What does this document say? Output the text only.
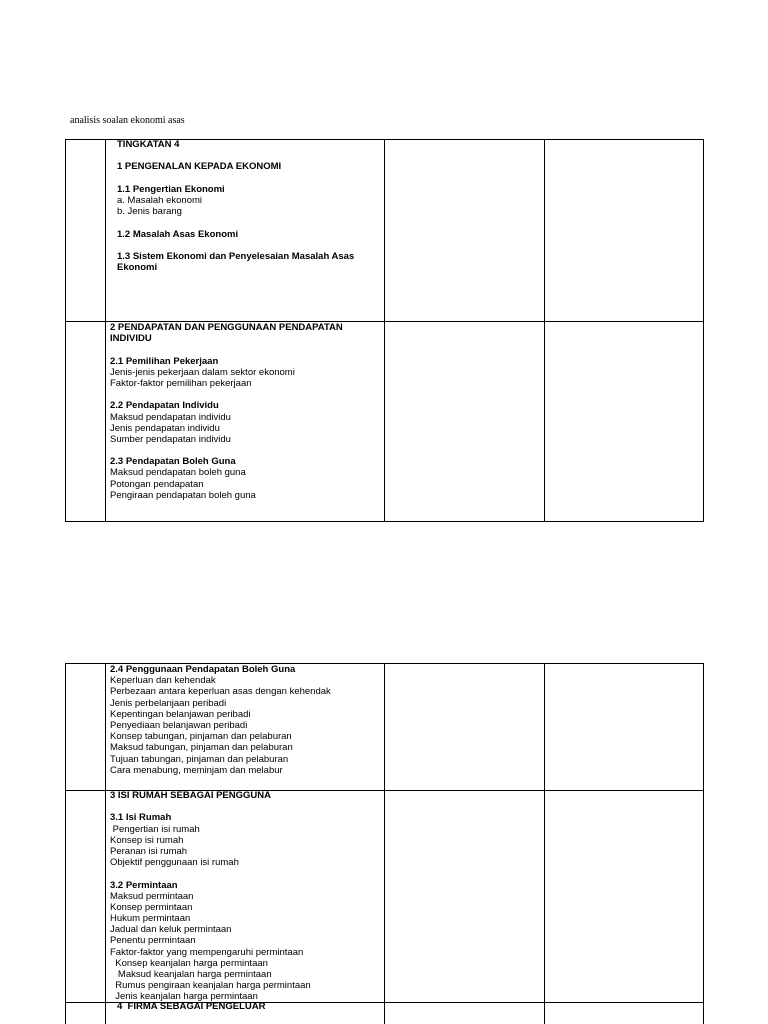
analisis soalan ekonomi asas
TINGKATAN 4
1 PENGENALAN KEPADA EKONOMI
1.1 Pengertian Ekonomi
a. Masalah ekonomi
b. Jenis barang
1.2 Masalah Asas Ekonomi
1.3 Sistem Ekonomi dan Penyelesaian Masalah Asas
Ekonomi
2 PENDAPATAN DAN PENGGUNAAN PENDAPATAN
INDIVIDU
2.1 Pemilihan Pekerjaan
Jenis-jenis pekerjaan dalam sektor ekonomi
Faktor-faktor pemilihan pekerjaan
2.2 Pendapatan Individu
Maksud pendapatan individu
Jenis pendapatan individu
Sumber pendapatan individu
2.3 Pendapatan Boleh Guna
Maksud pendapatan boleh guna
Potongan pendapatan
Pengiraan pendapatan boleh guna
2.4 Penggunaan Pendapatan Boleh Guna
Keperluan dan kehendak
Perbezaan antara keperluan asas dengan kehendak
Jenis perbelanjaan peribadi
Kepentingan belanjawan peribadi
Penyediaan belanjawan peribadi
Konsep tabungan, pinjaman dan pelaburan
Maksud tabungan, pinjaman dan pelaburan
Tujuan tabungan, pinjaman dan pelaburan
Cara menabung, meminjam dan melabur
3 ISI RUMAH SEBAGAI PENGGUNA
3.1 Isi Rumah
Pengertian isi rumah
Konsep isi rumah
Peranan isi rumah
Objektif penggunaan isi rumah
3.2 Permintaan
Maksud permintaan
Konsep permintaan
Hukum permintaan
Jadual dan keluk permintaan
Penentu permintaan
Faktor-faktor yang mempengaruhi permintaan
Konsep keanjalan harga permintaan
Maksud keanjalan harga permintaan
Rumus pengiraan keanjalan harga permintaan
Jenis keanjalan harga permintaan
4  FIRMA SEBAGAI PENGELUAR
